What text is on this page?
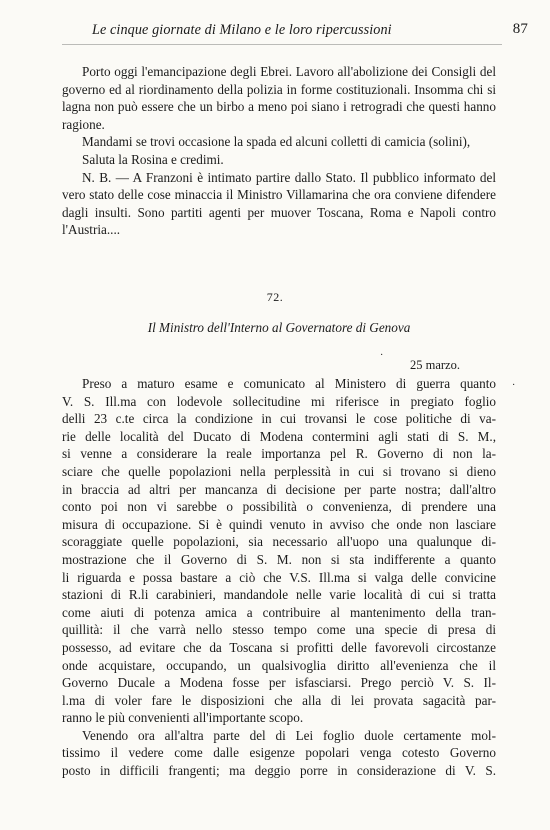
Le cinque giornate di Milano e le loro ripercussioni	87

Porto oggi l'emancipazione degli Ebrei. Lavoro all'abolizione dei Consigli del governo ed al riordinamento della polizia in forme costituzionali. Insomma chi si lagna non può essere che un birbo a meno poi siano i retrogradi che questi hanno ragione.

Mandami se trovi occasione la spada ed alcuni colletti di camicia (solini),

Saluta la Rosina e credimi.

N. B. — A Franzoni è intimato partire dallo Stato. Il pubblico informato del vero stato delle cose minaccia il Ministro Villamarina che ora conviene difendere dagli insulti. Sono partiti agenti per muover Toscana, Roma e Napoli contro l'Austria....

72.
Il Ministro dell'Interno al Governatore di Genova
·
25 marzo.
·
Preso a maturo esame e comunicato al Ministero di guerra quanto
V. S. Ill.ma con lodevole sollecitudine mi riferisce in pregiato foglio
delli 23 c.te circa la condizione in cui trovansi le cose politiche di va-
rie delle località del Ducato di Modena contermini agli stati di S. M.,
si venne a considerare la reale importanza pel R. Governo di non la-
sciare che quelle popolazioni nella perplessità in cui si trovano si dieno
in braccia ad altri per mancanza di decisione per parte nostra; dall'altro
conto poi non vi sarebbe o possibilità o convenienza, di prendere una
misura di occupazione. Si è quindi venuto in avviso che onde non lasciare
scoraggiate quelle popolazioni, sia necessario all'uopo una qualunque di-
mostrazione che il Governo di S. M. non si sta indifferente a quanto
li riguarda e possa bastare a ciò che V.S. Ill.ma si valga delle convicine
stazioni di R.li carabinieri, mandandole nelle varie località di cui si tratta
come aiuti di potenza amica a contribuire al mantenimento della tran-
quillità: il che varrà nello stesso tempo come una specie di presa di
possesso, ad evitare che da Toscana si profitti delle favorevoli circostanze
onde acquistare, occupando, un qualsivoglia diritto all'evenienza che il
Governo Ducale a Modena fosse per isfasciarsi. Prego perciò V. S. Il-
l.ma di voler fare le disposizioni che alla di lei provata sagacità par-
ranno le più convenienti all'importante scopo.
Venendo ora all'altra parte del di Lei foglio duole certamente mol-
tissimo il vedere come dalle esigenze popolari venga cotesto Governo
posto in difficili frangenti; ma deggio porre in considerazione di V. S.
